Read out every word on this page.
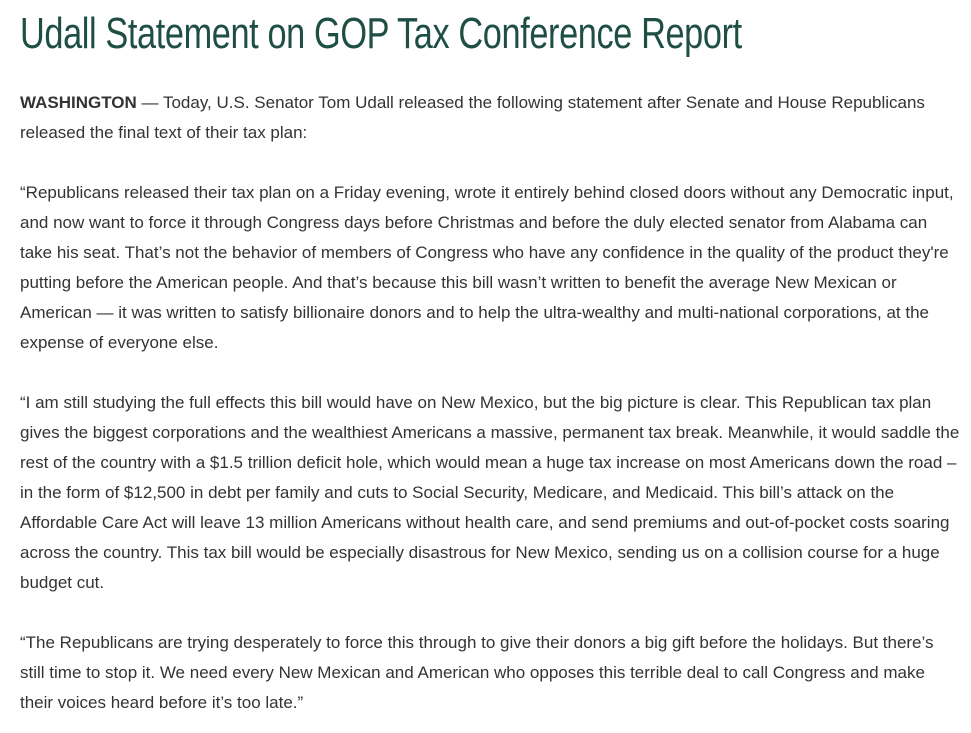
Udall Statement on GOP Tax Conference Report

WASHINGTON — Today, U.S. Senator Tom Udall released the following statement after Senate and House Republicans released the final text of their tax plan:

“Republicans released their tax plan on a Friday evening, wrote it entirely behind closed doors without any Democratic input, and now want to force it through Congress days before Christmas and before the duly elected senator from Alabama can take his seat. That’s not the behavior of members of Congress who have any confidence in the quality of the product they're putting before the American people. And that’s because this bill wasn’t written to benefit the average New Mexican or American — it was written to satisfy billionaire donors and to help the ultra-wealthy and multi-national corporations, at the expense of everyone else.

“I am still studying the full effects this bill would have on New Mexico, but the big picture is clear. This Republican tax plan gives the biggest corporations and the wealthiest Americans a massive, permanent tax break. Meanwhile, it would saddle the rest of the country with a $1.5 trillion deficit hole, which would mean a huge tax increase on most Americans down the road – in the form of $12,500 in debt per family and cuts to Social Security, Medicare, and Medicaid. This bill’s attack on the Affordable Care Act will leave 13 million Americans without health care, and send premiums and out-of-pocket costs soaring across the country. This tax bill would be especially disastrous for New Mexico, sending us on a collision course for a huge budget cut.

“The Republicans are trying desperately to force this through to give their donors a big gift before the holidays. But there’s still time to stop it. We need every New Mexican and American who opposes this terrible deal to call Congress and make their voices heard before it’s too late.”
